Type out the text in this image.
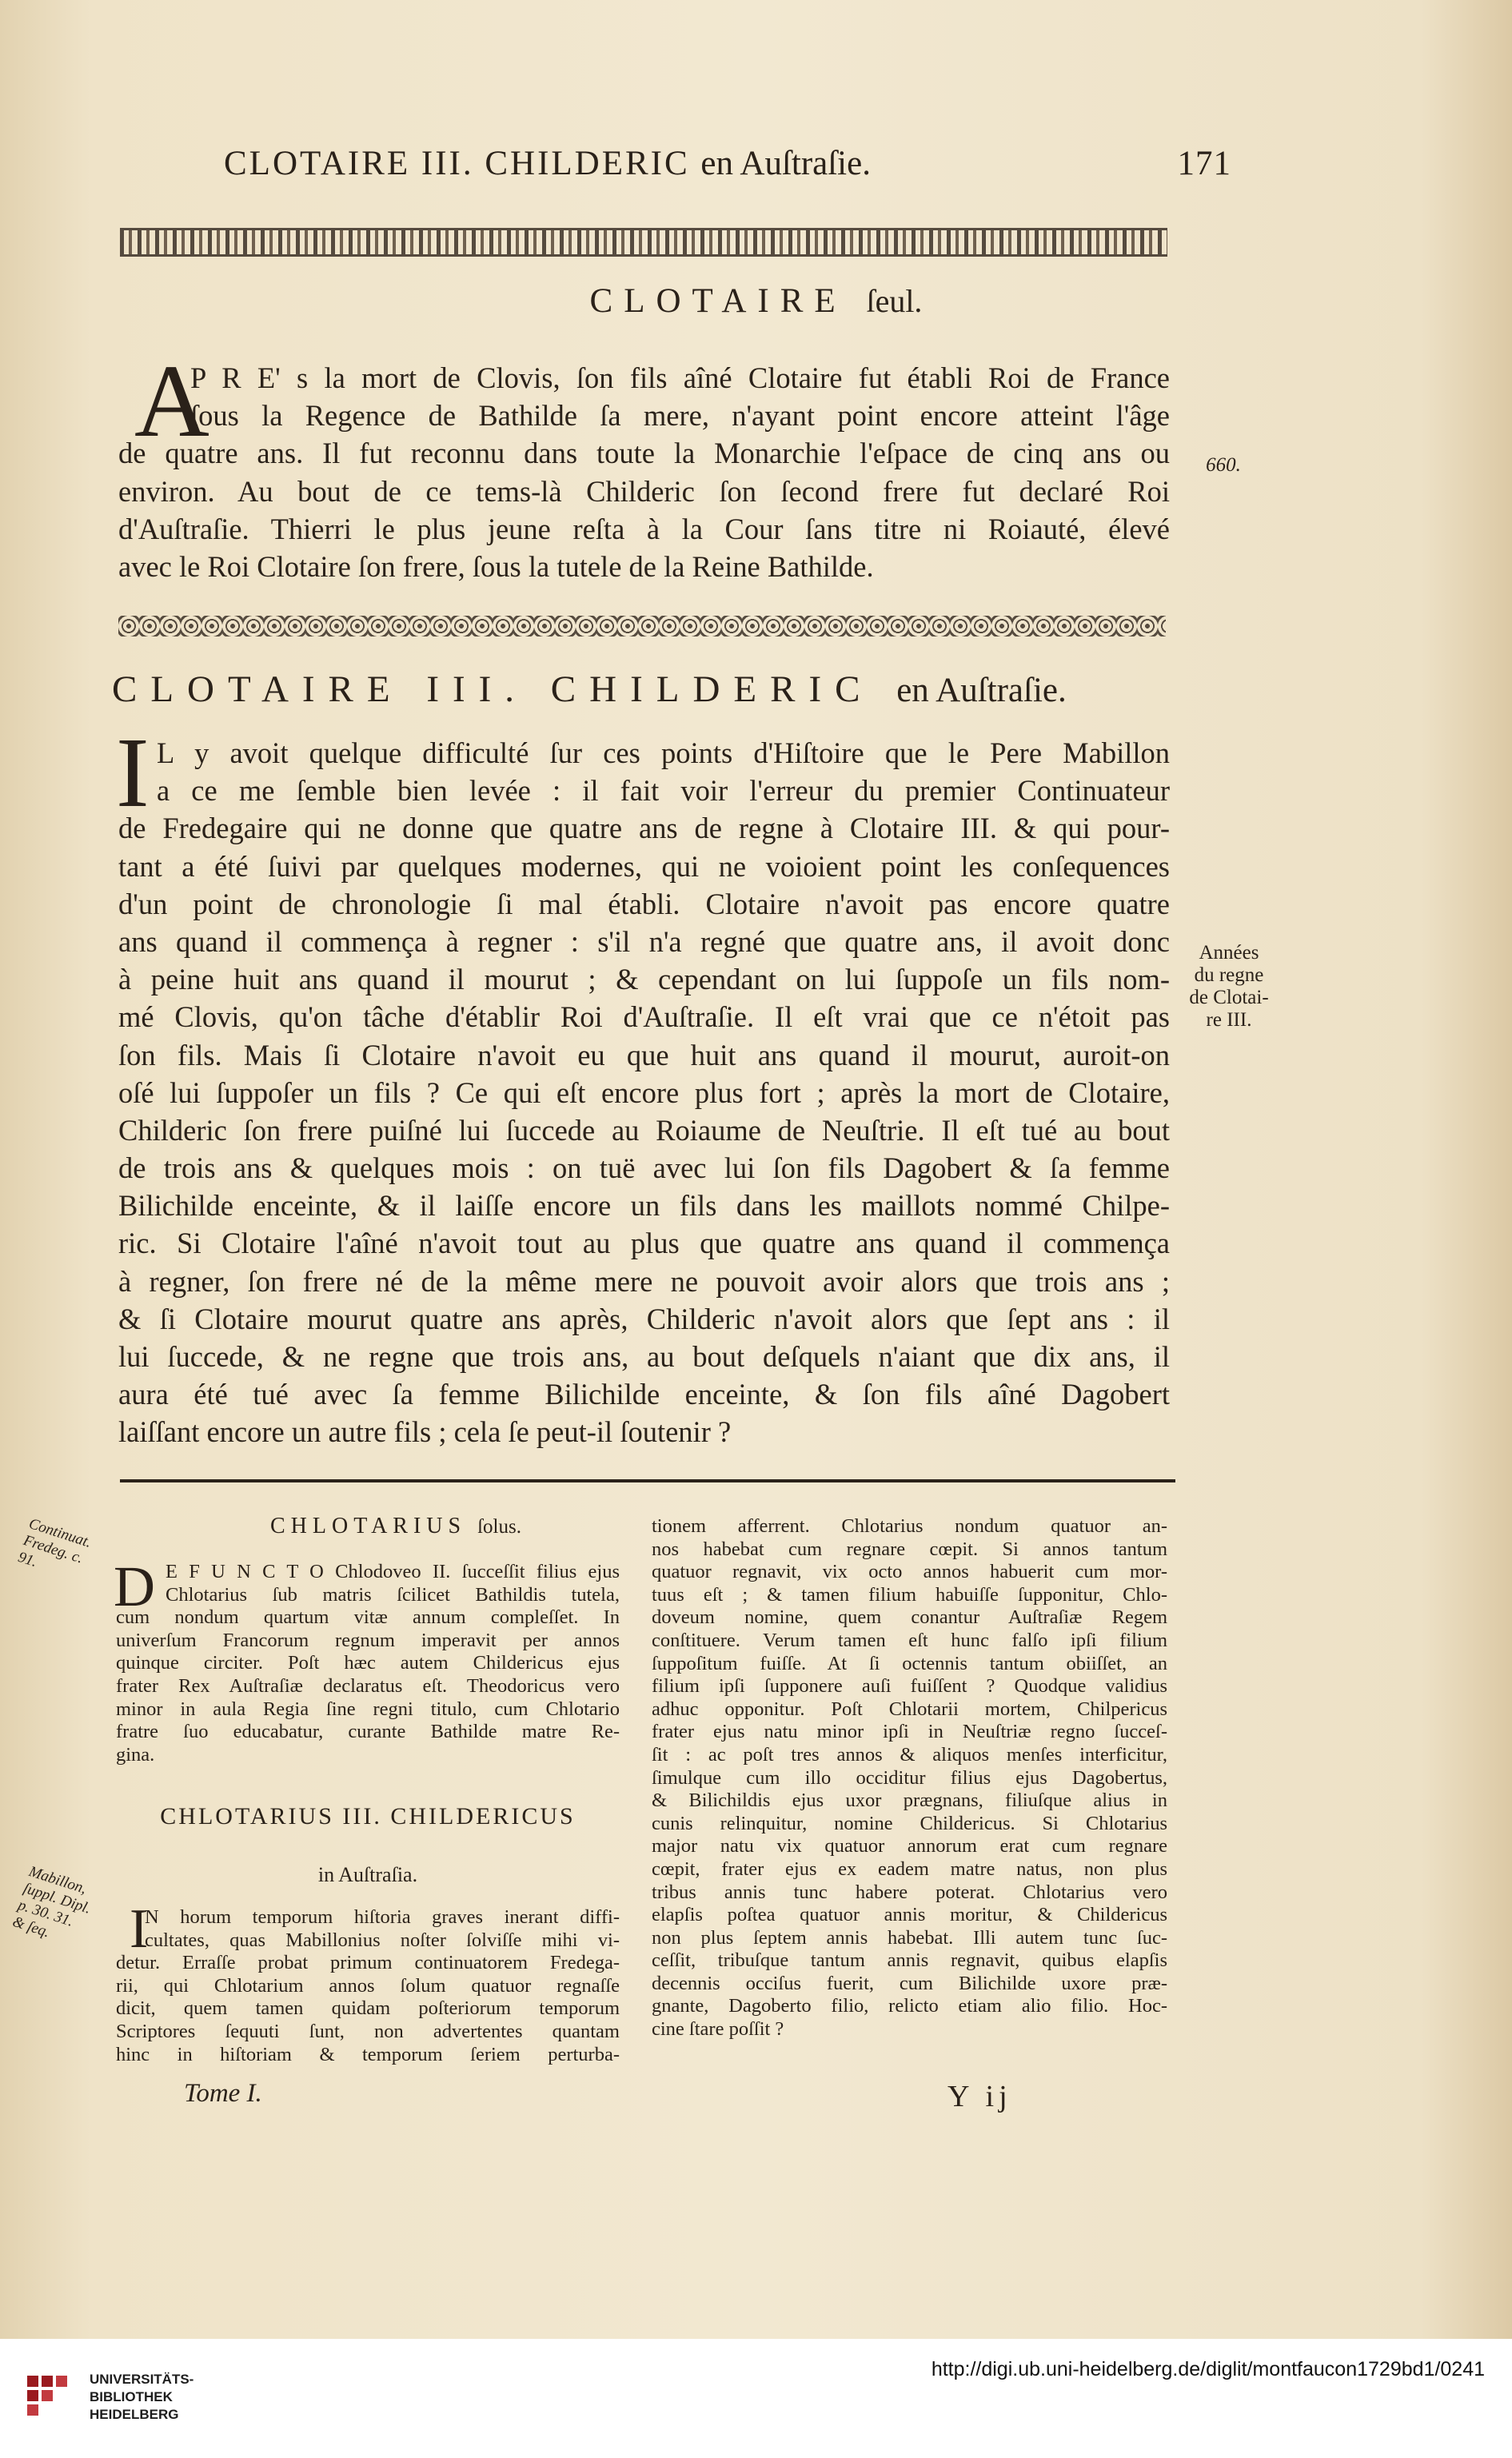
CLOTAIRE III. CHILDERIC en Auſtraſie.	171
CLOTAIRE ſeul.
A
P R E' s la mort de Clovis, ſon fils aîné Clotaire fut établi Roi de France
ſous la Regence de Bathilde ſa mere, n'ayant point encore atteint l'âge
de quatre ans. Il fut reconnu dans toute la Monarchie l'eſpace de cinq ans ou
environ. Au bout de ce tems-là Childeric ſon ſecond frere fut declaré Roi
d'Auſtraſie. Thierri le plus jeune reſta à la Cour ſans titre ni Roiauté, élevé
avec le Roi Clotaire ſon frere, ſous la tutele de la Reine Bathilde.
660.
CLOTAIRE III. CHILDERIC en Auſtraſie.
I L y avoit quelque difficulté ſur ces points d'Hiſtoire que le Pere Mabillon
a ce me ſemble bien levée : il fait voir l'erreur du premier Continuateur
de Fredegaire qui ne donne que quatre ans de regne à Clotaire III. & qui pour-
tant a été ſuivi par quelques modernes, qui ne voioient point les conſequences
d'un point de chronologie ſi mal établi. Clotaire n'avoit pas encore quatre
ans quand il commença à regner : s'il n'a regné que quatre ans, il avoit donc
à peine huit ans quand il mourut ; & cependant on lui ſuppoſe un fils nom-
mé Clovis, qu'on tâche d'établir Roi d'Auſtraſie. Il eſt vrai que ce n'étoit pas
ſon fils. Mais ſi Clotaire n'avoit eu que huit ans quand il mourut, auroit-on
oſé lui ſuppoſer un fils ? Ce qui eſt encore plus fort ; après la mort de Clotaire,
Childeric ſon frere puiſné lui ſuccede au Roiaume de Neuſtrie. Il eſt tué au bout
de trois ans & quelques mois : on tuë avec lui ſon fils Dagobert & ſa femme
Bilichilde enceinte, & il laiſſe encore un fils dans les maillots nommé Chilpe-
ric. Si Clotaire l'aîné n'avoit tout au plus que quatre ans quand il commença
à regner, ſon frere né de la même mere ne pouvoit avoir alors que trois ans ;
& ſi Clotaire mourut quatre ans après, Childeric n'avoit alors que ſept ans : il
lui ſuccede, & ne regne que trois ans, au bout deſquels n'aiant que dix ans, il
aura été tué avec ſa femme Bilichilde enceinte, & ſon fils aîné Dagobert
laiſſant encore un autre fils ; cela ſe peut-il ſoutenir ?
Années
du regne
de Clotai-
re III.
CHLOTARIUS ſolus.
Continuat. Fredeg. c. 91.	D E F U N C T O Chlodoveo II. ſucceſſit filius ejus
Chlotarius ſub matris ſcilicet Bathildis tutela,
cum nondum quartum vitæ annum compleſſet. In
univerſum Francorum regnum imperavit per annos
quinque circiter. Poſt hæc autem Childericus ejus
frater Rex Auſtraſiæ declaratus eſt. Theodoricus vero
minor in aula Regia ſine regni titulo, cum Chlotario
fratre ſuo educabatur, curante Bathilde matre Re-
gina.
CHLOTARIUS III. CHILDERICUS
in Auſtraſia.
Mabillon, ſuppl. Dipl. p. 30. 31. & ſeq.	I
N horum temporum hiſtoria graves inerant diffi-
cultates, quas Mabillonius noſter ſolviſſe mihi vi-
detur. Erraſſe probat primum continuatorem Fredega-
rii, qui Chlotarium annos ſolum quatuor regnaſſe
dicit, quem tamen quidam poſteriorum temporum
Scriptores ſequuti ſunt, non advertentes quantam
hinc in hiſtoriam & temporum ſeriem perturba-
Tome I.
tionem afferrent. Chlotarius nondum quatuor an-
nos habebat cum regnare cœpit. Si annos tantum
quatuor regnavit, vix octo annos habuerit cum mor-
tuus eſt ; & tamen filium habuiſſe ſupponitur, Chlo-
doveum nomine, quem conantur Auſtraſiæ Regem
conſtituere. Verum tamen eſt hunc falſo ipſi filium
ſuppoſitum fuiſſe. At ſi octennis tantum obiiſſet, an
filium ipſi ſupponere auſi fuiſſent ? Quodque validius
adhuc opponitur. Poſt Chlotarii mortem, Chilpericus
frater ejus natu minor ipſi in Neuſtriæ regno ſucceſ-
ſit : ac poſt tres annos & aliquos menſes interficitur,
ſimulque cum illo occiditur filius ejus Dagobertus,
& Bilichildis ejus uxor prægnans, filiuſque alius in
cunis relinquitur, nomine Childericus. Si Chlotarius
major natu vix quatuor annorum erat cum regnare
cœpit, frater ejus ex eadem matre natus, non plus
tribus annis tunc habere poterat. Chlotarius vero
elapſis poſtea quatuor annis moritur, & Childericus
non plus ſeptem annis habebat. Illi autem tunc ſuc-
ceſſit, tribuſque tantum annis regnavit, quibus elapſis
decennis occiſus fuerit, cum Bilichilde uxore præ-
gnante, Dagoberto filio, relicto etiam alio filio. Hoc-
cine ſtare poſſit ?
Y ij
UNIVERSITÄTS-
BIBLIOTHEK
HEIDELBERG
http://digi.ub.uni-heidelberg.de/diglit/montfaucon1729bd1/0241
